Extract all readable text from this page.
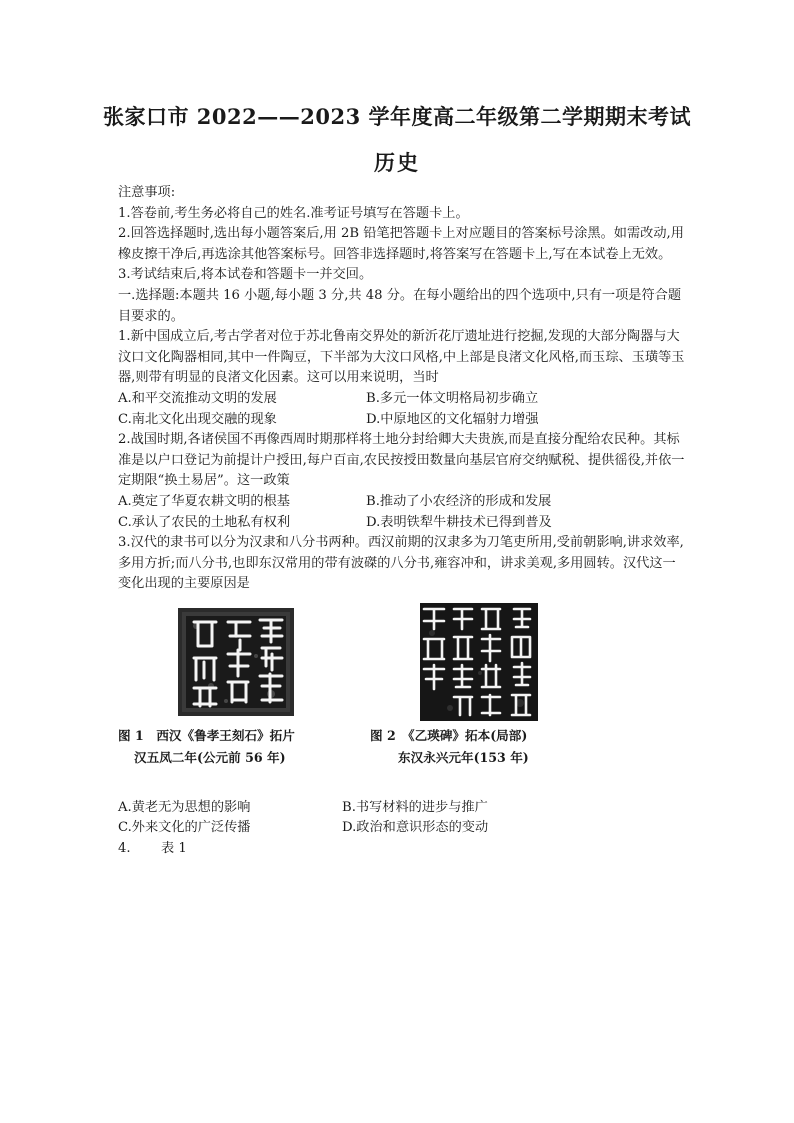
张家口市 2022——2023 学年度高二年级第二学期期末考试
历史

注意事项:

1.答卷前,考生务必将自己的姓名.准考证号填写在答题卡上。

2.回答选择题时,选出每小题答案后,用 2B 铅笔把答题卡上对应题目的答案标号涂黑。如需改动,用橡皮擦干净后,再选涂其他答案标号。回答非选择题时,将答案写在答题卡上,写在本试卷上无效。

3.考试结束后,将本试卷和答题卡一并交回。

一.选择题:本题共 16 小题,每小题 3 分,共 48 分。在每小题给出的四个选项中,只有一项是符合题目要求的。

1.新中国成立后,考古学者对位于苏北鲁南交界处的新沂花厅遗址进行挖掘,发现的大部分陶器与大汶口文化陶器相同,其中一件陶豆，下半部为大汶口风格,中上部是良渚文化风格,而玉琮、玉璜等玉器,则带有明显的良渚文化因素。这可以用来说明，当时

A.和平交流推动文明的发展	B.多元一体文明格局初步确立
C.南北文化出现交融的现象	D.中原地区的文化辐射力增强

2.战国时期,各诸侯国不再像西周时期那样将土地分封给卿大夫贵族,而是直接分配给农民种。其标准是以户口登记为前提计户授田,每户百亩,农民按授田数量向基层官府交纳赋税、提供徭役,并依一定期限“换土易居”。这一政策

A.奠定了华夏农耕文明的根基	B.推动了小农经济的形成和发展
C.承认了农民的土地私有权利	D.表明铁犁牛耕技术已得到普及

3.汉代的隶书可以分为汉隶和八分书两种。西汉前期的汉隶多为刀笔吏所用,受前朝影响,讲求效率,多用方折;而八分书,也即东汉常用的带有波磔的八分书,雍容冲和，讲求美观,多用圆转。汉代这一变化出现的主要原因是

图 1　西汉《鲁孝王刻石》拓片
汉五凤二年(公元前 56 年)
图 2　《乙瑛碑》拓本(局部)
东汉永兴元年(153 年)
A.黄老无为思想的影响	B.书写材料的进步与推广
C.外来文化的广泛传播	D.政治和意识形态的变动

4. 表 1
